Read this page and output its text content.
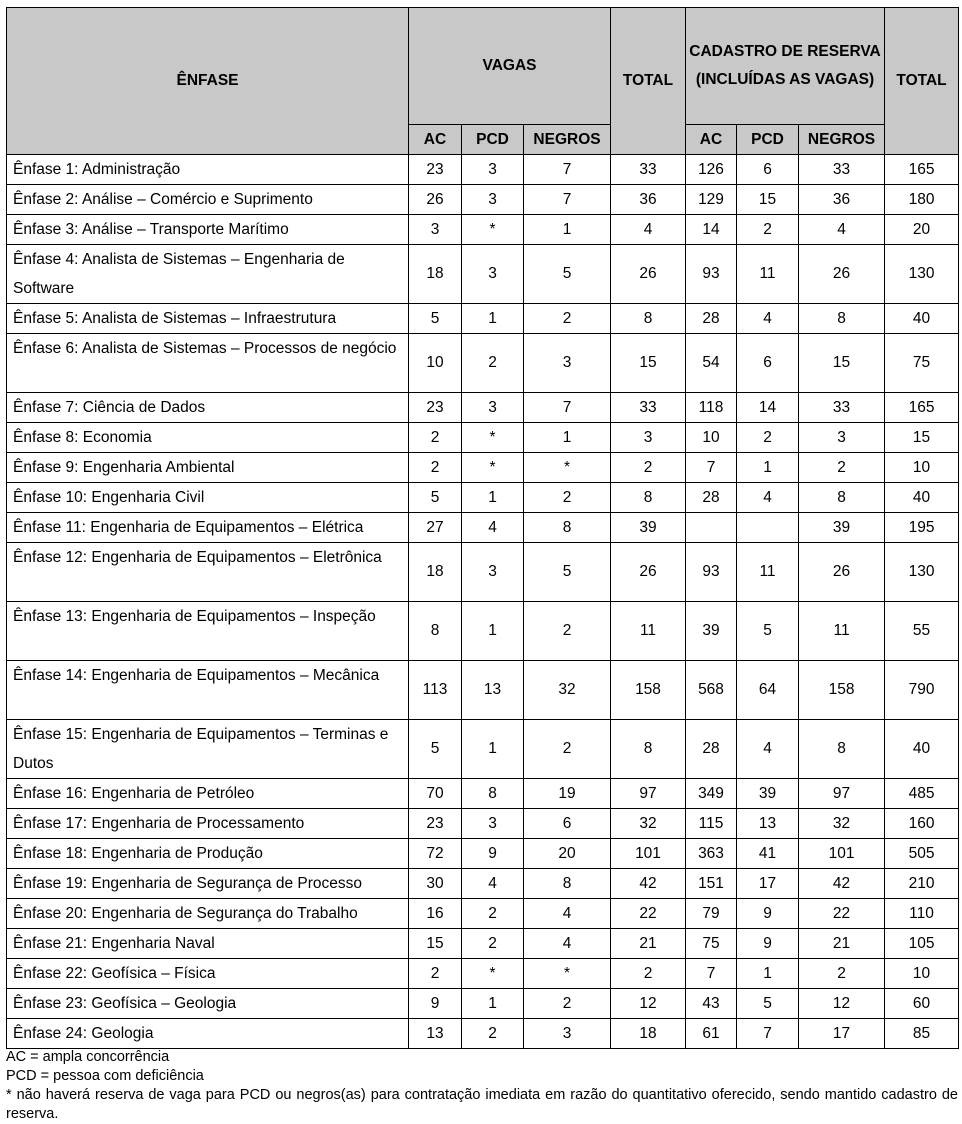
ÊNFASE	VAGAS			TOTAL	CADASTRO DE RESERVA (INCLUÍDAS AS VAGAS)			TOTAL
	AC	PCD	NEGROS		AC	PCD	NEGROS	
Ênfase 1: Administração	23	3	7	33	126	6	33	165
Ênfase 2: Análise – Comércio e Suprimento	26	3	7	36	129	15	36	180
Ênfase 3: Análise – Transporte Marítimo	3	*	1	4	14	2	4	20
Ênfase 4: Analista de Sistemas – Engenharia de Software	18	3	5	26	93	11	26	130
Ênfase 5: Analista de Sistemas – Infraestrutura	5	1	2	8	28	4	8	40
Ênfase 6: Analista de Sistemas – Processos de negócio	10	2	3	15	54	6	15	75
Ênfase 7: Ciência de Dados	23	3	7	33	118	14	33	165
Ênfase 8: Economia	2	*	1	3	10	2	3	15
Ênfase 9: Engenharia Ambiental	2	*	*	2	7	1	2	10
Ênfase 10: Engenharia Civil	5	1	2	8	28	4	8	40
Ênfase 11: Engenharia de Equipamentos – Elétrica	27	4	8	39			39	195
Ênfase 12: Engenharia de Equipamentos – Eletrônica	18	3	5	26	93	11	26	130
Ênfase 13: Engenharia de Equipamentos – Inspeção	8	1	2	11	39	5	11	55
Ênfase 14: Engenharia de Equipamentos – Mecânica	113	13	32	158	568	64	158	790
Ênfase 15: Engenharia de Equipamentos – Terminas e Dutos	5	1	2	8	28	4	8	40
Ênfase 16: Engenharia de Petróleo	70	8	19	97	349	39	97	485
Ênfase 17: Engenharia de Processamento	23	3	6	32	115	13	32	160
Ênfase 18: Engenharia de Produção	72	9	20	101	363	41	101	505
Ênfase 19: Engenharia de Segurança de Processo	30	4	8	42	151	17	42	210
Ênfase 20: Engenharia de Segurança do Trabalho	16	2	4	22	79	9	22	110
Ênfase 21: Engenharia Naval	15	2	4	21	75	9	21	105
Ênfase 22: Geofísica – Física	2	*	*	2	7	1	2	10
Ênfase 23: Geofísica – Geologia	9	1	2	12	43	5	12	60
Ênfase 24: Geologia	13	2	3	18	61	7	17	85
AC = ampla concorrência
PCD = pessoa com deficiência
* não haverá reserva de vaga para PCD ou negros(as) para contratação imediata em razão do quantitativo oferecido, sendo mantido cadastro de reserva.
